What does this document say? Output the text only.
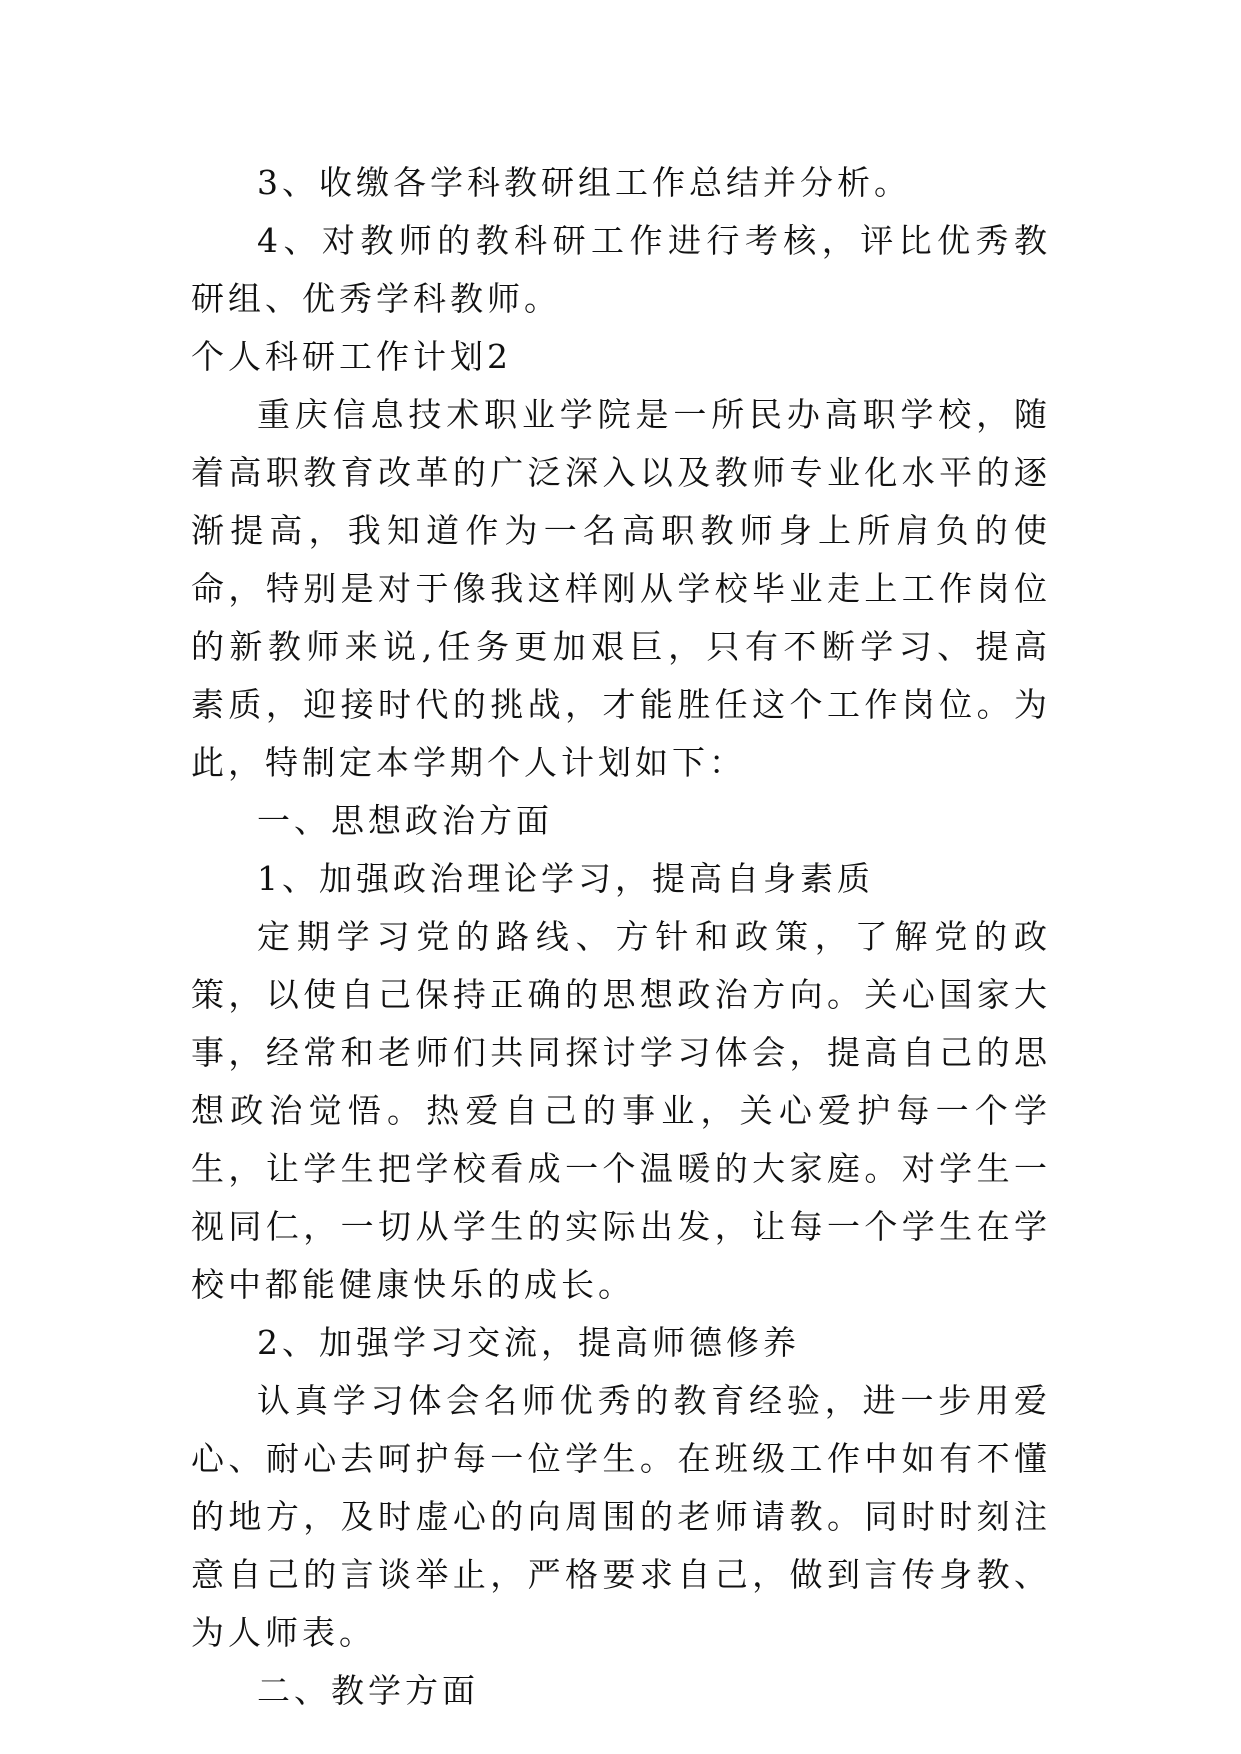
3、收缴各学科教研组工作总结并分析。

4、对教师的教科研工作进行考核，评比优秀教研组、优秀学科教师。

个人科研工作计划2

重庆信息技术职业学院是一所民办高职学校，随着高职教育改革的广泛深入以及教师专业化水平的逐渐提高，我知道作为一名高职教师身上所肩负的使命，特别是对于像我这样刚从学校毕业走上工作岗位的新教师来说,任务更加艰巨，只有不断学习、提高素质，迎接时代的挑战，才能胜任这个工作岗位。为此，特制定本学期个人计划如下：

一、思想政治方面

1、加强政治理论学习，提高自身素质

定期学习党的路线、方针和政策，了解党的政策，以使自己保持正确的思想政治方向。关心国家大事，经常和老师们共同探讨学习体会，提高自己的思想政治觉悟。热爱自己的事业，关心爱护每一个学生，让学生把学校看成一个温暖的大家庭。对学生一视同仁，一切从学生的实际出发，让每一个学生在学校中都能健康快乐的成长。

2、加强学习交流，提高师德修养

认真学习体会名师优秀的教育经验，进一步用爱心、耐心去呵护每一位学生。在班级工作中如有不懂的地方，及时虚心的向周围的老师请教。同时时刻注意自己的言谈举止，严格要求自己，做到言传身教、为人师表。

二、教学方面
